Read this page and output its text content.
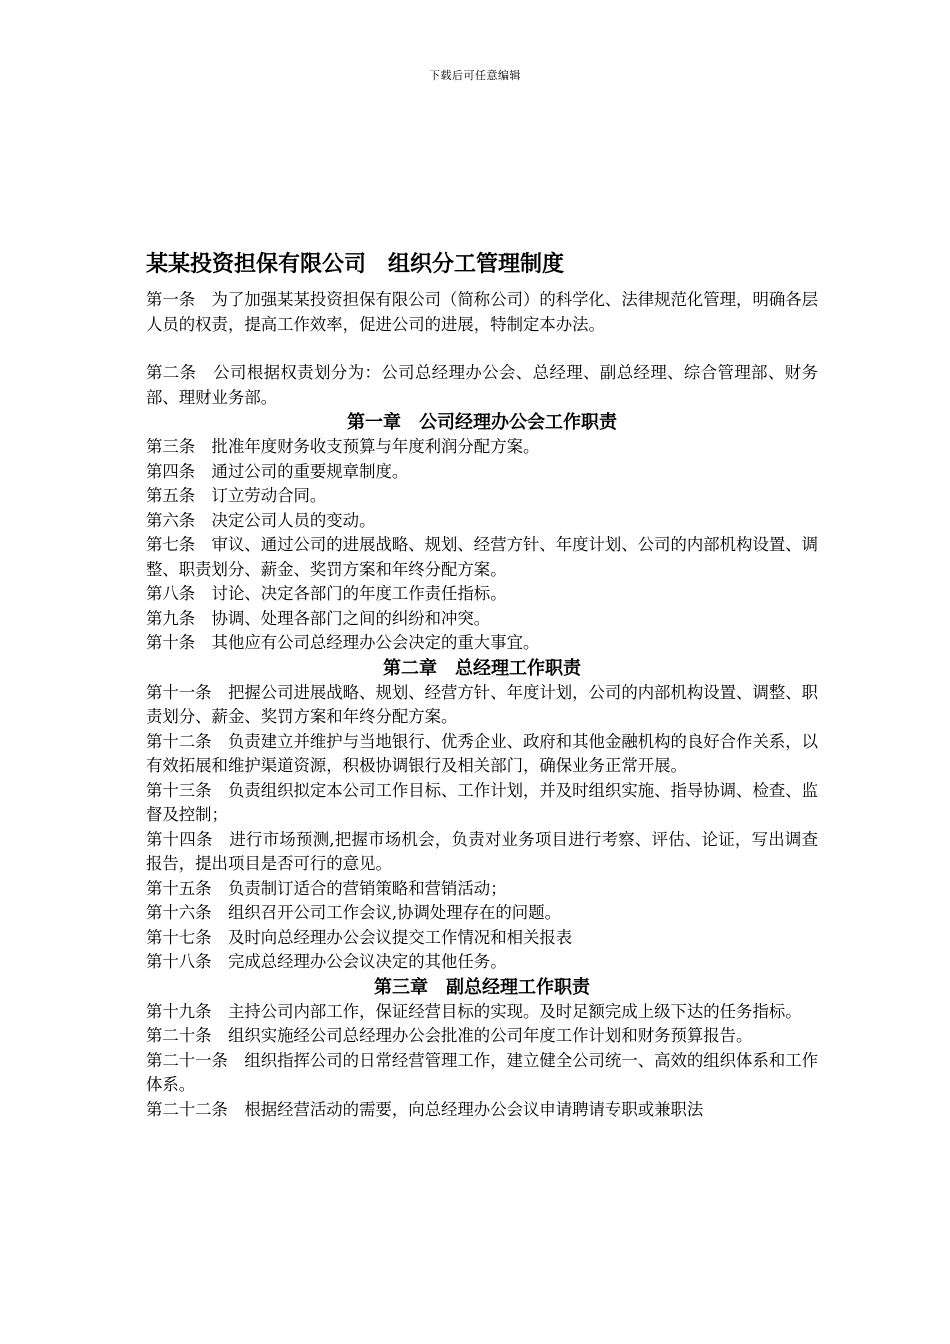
下载后可任意编辑
某某投资担保有限公司　组织分工管理制度

第一条　为了加强某某投资担保有限公司（简称公司）的科学化、法律规范化管理，明确各层人员的权责，提高工作效率，促进公司的进展，特制定本办法。

第二条　公司根据权责划分为：公司总经理办公会、总经理、副总经理、综合管理部、财务部、理财业务部。

第一章　公司经理办公会工作职责

第三条　批准年度财务收支预算与年度利润分配方案。

第四条　通过公司的重要规章制度。

第五条　订立劳动合同。

第六条　决定公司人员的变动。

第七条　审议、通过公司的进展战略、规划、经营方针、年度计划、公司的内部机构设置、调整、职责划分、薪金、奖罚方案和年终分配方案。

第八条　讨论、决定各部门的年度工作责任指标。

第九条　协调、处理各部门之间的纠纷和冲突。

第十条　其他应有公司总经理办公会决定的重大事宜。

第二章　总经理工作职责

第十一条　把握公司进展战略、规划、经营方针、年度计划，公司的内部机构设置、调整、职责划分、薪金、奖罚方案和年终分配方案。

第十二条　负责建立并维护与当地银行、优秀企业、政府和其他金融机构的良好合作关系，以有效拓展和维护渠道资源，积极协调银行及相关部门，确保业务正常开展。

第十三条　负责组织拟定本公司工作目标、工作计划，并及时组织实施、指导协调、检查、监督及控制；

第十四条　进行市场预测,把握市场机会，负责对业务项目进行考察、评估、论证，写出调查报告，提出项目是否可行的意见。

第十五条　负责制订适合的营销策略和营销活动；

第十六条　组织召开公司工作会议,协调处理存在的问题。

第十七条　及时向总经理办公会议提交工作情况和相关报表

第十八条　完成总经理办公会议决定的其他任务。

第三章　副总经理工作职责

第十九条　主持公司内部工作，保证经营目标的实现。及时足额完成上级下达的任务指标。

第二十条　组织实施经公司总经理办公会批准的公司年度工作计划和财务预算报告。

第二十一条　组织指挥公司的日常经营管理工作，建立健全公司统一、高效的组织体系和工作体系。

第二十二条　根据经营活动的需要，向总经理办公会议申请聘请专职或兼职法
